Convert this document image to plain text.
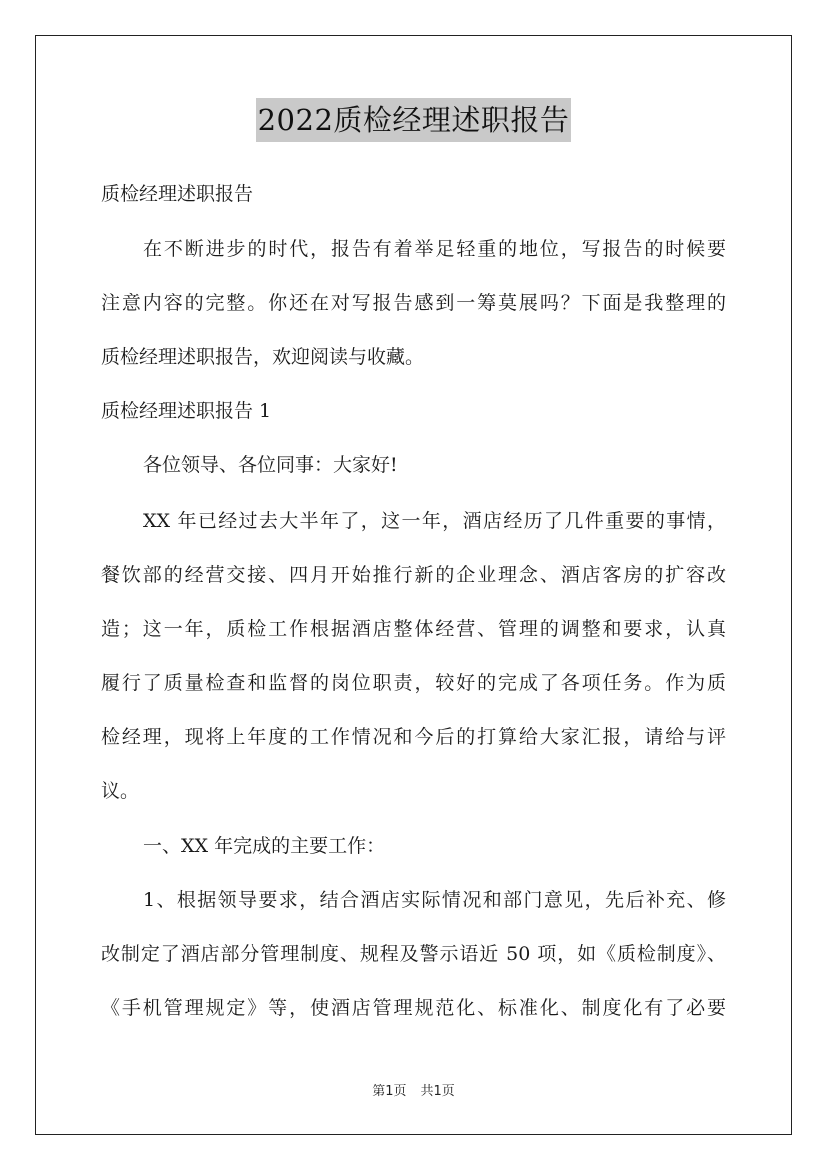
2022质检经理述职报告
质检经理述职报告
在不断进步的时代，报告有着举足轻重的地位，写报告的时候要
注意内容的完整。你还在对写报告感到一筹莫展吗？下面是我整理的
质检经理述职报告，欢迎阅读与收藏。
质检经理述职报告 1
各位领导、各位同事：大家好!
XX 年已经过去大半年了，这一年，酒店经历了几件重要的事情，
餐饮部的经营交接、四月开始推行新的企业理念、酒店客房的扩容改
造；这一年，质检工作根据酒店整体经营、管理的调整和要求，认真
履行了质量检查和监督的岗位职责，较好的完成了各项任务。作为质
检经理，现将上年度的工作情况和今后的打算给大家汇报，请给与评
议。
一、XX 年完成的主要工作：
1、根据领导要求，结合酒店实际情况和部门意见，先后补充、修
改制定了酒店部分管理制度、规程及警示语近 50 项，如《质检制度》、
《手机管理规定》等，使酒店管理规范化、标准化、制度化有了必要
第1页 共1页
